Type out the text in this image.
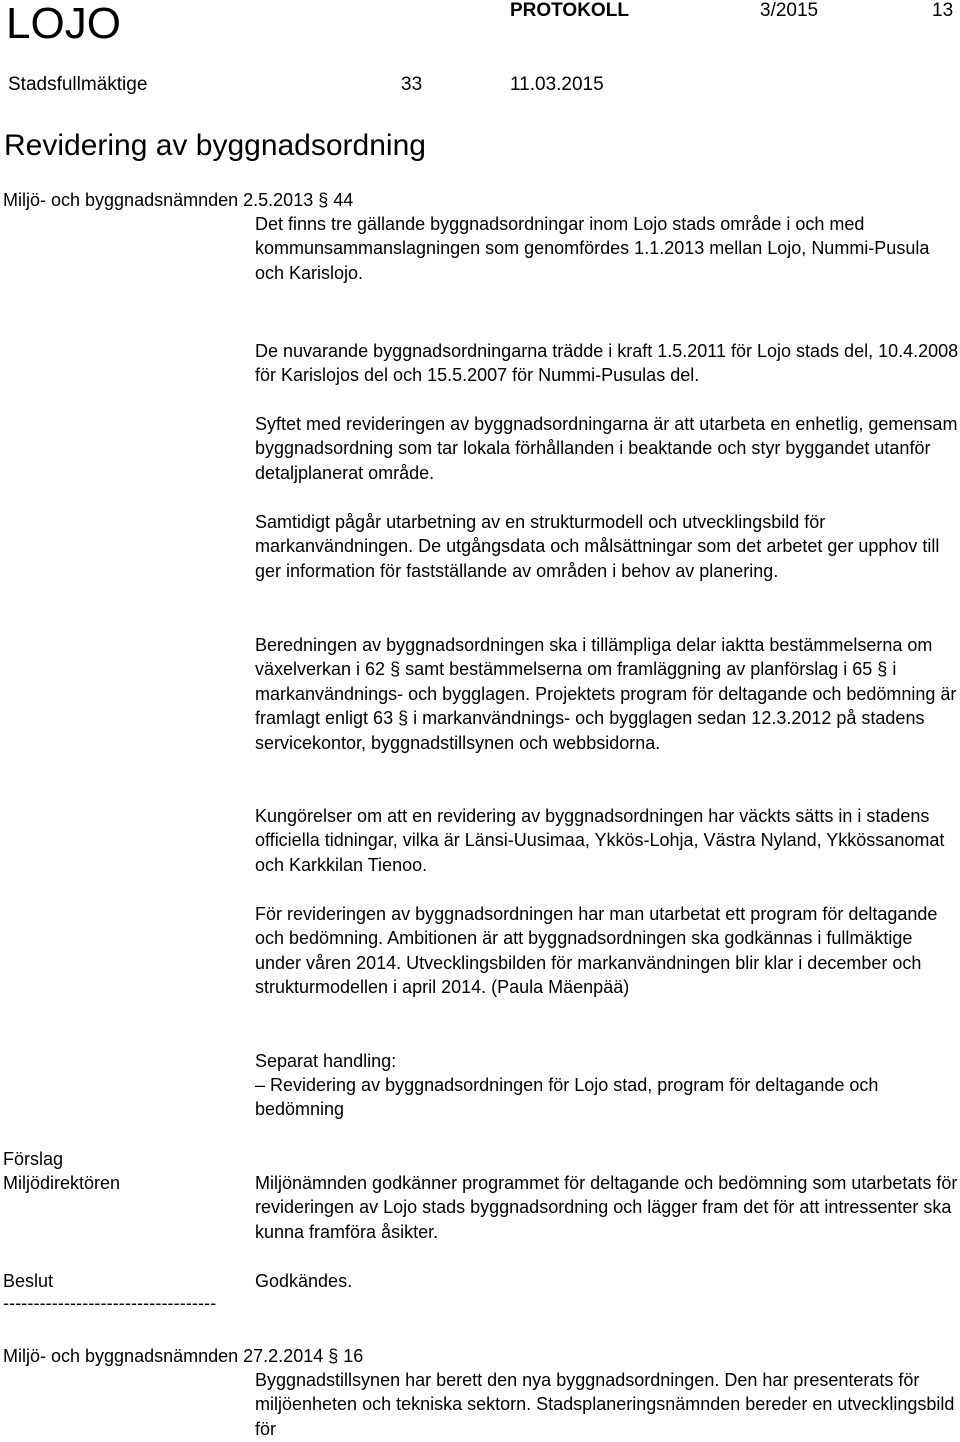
LOJO	PROTOKOLL	3/2015	13
Stadsfullmäktige	33	11.03.2015
Revidering av byggnadsordning
Miljö- och byggnadsnämnden 2.5.2013 § 44

Det finns tre gällande byggnadsordningar inom Lojo stads område i och med kommunsammanslagningen som genomfördes 1.1.2013 mellan Lojo, Nummi-Pusula och Karislojo.

De nuvarande byggnadsordningarna trädde i kraft 1.5.2011 för Lojo stads del, 10.4.2008 för Karislojos del och 15.5.2007 för Nummi-Pusulas del.

Syftet med revideringen av byggnadsordningarna är att utarbeta en enhetlig, gemensam byggnadsordning som tar lokala förhållanden i beaktande och styr byggandet utanför detaljplanerat område.

Samtidigt pågår utarbetning av en strukturmodell och utvecklingsbild för markanvändningen. De utgångsdata och målsättningar som det arbetet ger upphov till ger information för fastställande av områden i behov av planering.

Beredningen av byggnadsordningen ska i tillämpliga delar iaktta bestämmelserna om växelverkan i 62 § samt bestämmelserna om framläggning av planförslag i 65 § i markanvändnings- och bygglagen. Projektets program för deltagande och bedömning är framlagt enligt 63 § i markanvändnings- och bygglagen sedan 12.3.2012 på stadens servicekontor, byggnadstillsynen och webbsidorna.

Kungörelser om att en revidering av byggnadsordningen har väckts sätts in i stadens officiella tidningar, vilka är Länsi-Uusimaa, Ykkös-Lohja, Västra Nyland, Ykkössanomat och Karkkilan Tienoo.

För revideringen av byggnadsordningen har man utarbetat ett program för deltagande och bedömning. Ambitionen är att byggnadsordningen ska godkännas i fullmäktige under våren 2014. Utvecklingsbilden för markanvändningen blir klar i december och strukturmodellen i april 2014. (Paula Mäenpää)

Separat handling:

– Revidering av byggnadsordningen för Lojo stad, program för deltagande och bedömning

Förslag
Miljödirektören	Miljönämnden godkänner programmet för deltagande och bedömning som utarbetats för revideringen av Lojo stads byggnadsordning och lägger fram det för att intressenter ska kunna framföra åsikter.

Beslut	Godkändes.

-----------------------------------
Miljö- och byggnadsnämnden 27.2.2014 § 16

Byggnadstillsynen har berett den nya byggnadsordningen. Den har presenterats för miljöenheten och tekniska sektorn. Stadsplaneringsnämnden bereder en utvecklingsbild för
